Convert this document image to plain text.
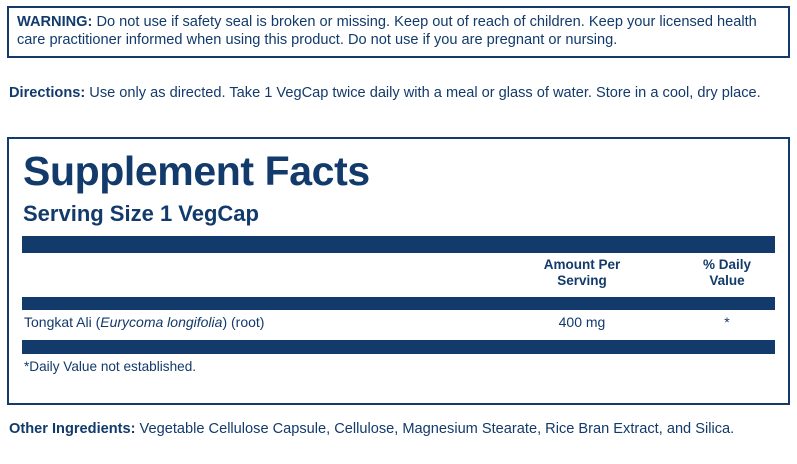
WARNING: Do not use if safety seal is broken or missing. Keep out of reach of children. Keep your licensed health care practitioner informed when using this product. Do not use if you are pregnant or nursing.

Directions: Use only as directed. Take 1 VegCap twice daily with a meal or glass of water. Store in a cool, dry place.
Supplement Facts
Serving Size 1 VegCap
Amount Per
Serving
% Daily
Value
Tongkat Ali (Eurycoma longifolia) (root)	400 mg	*
*Daily Value not established.
Other Ingredients: Vegetable Cellulose Capsule, Cellulose, Magnesium Stearate, Rice Bran Extract, and Silica.
